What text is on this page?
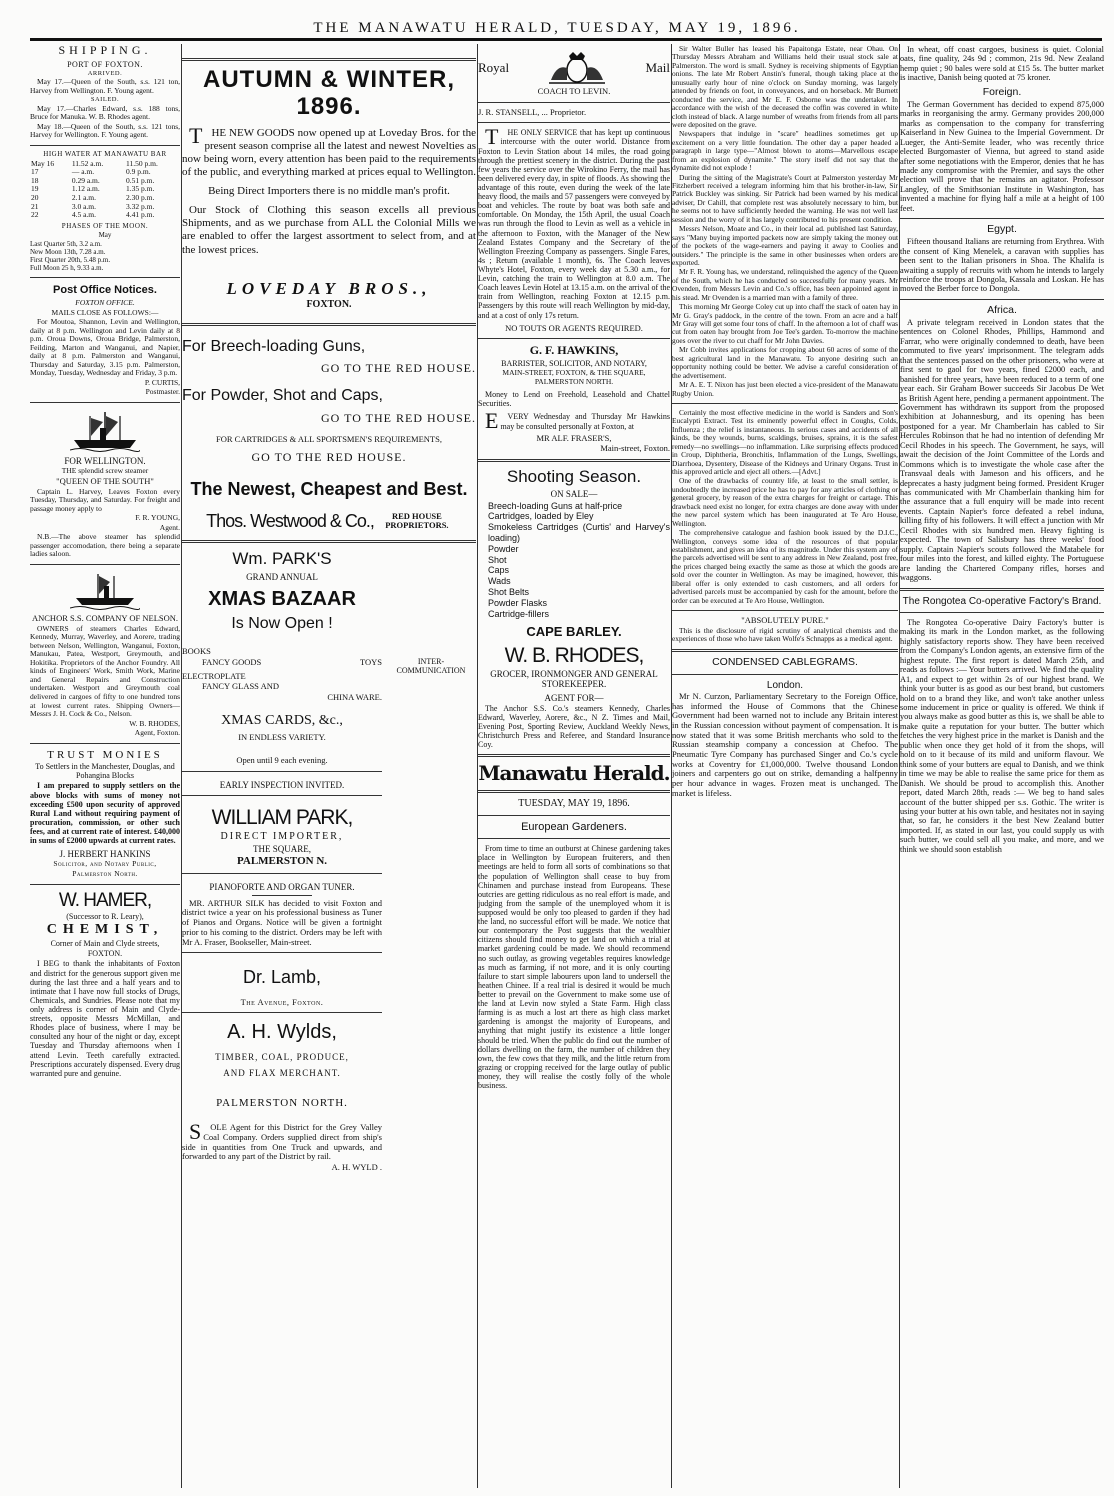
THE MANAWATU HERALD, TUESDAY, MAY 19, 1896.
SHIPPING.

PORT OF FOXTON.

ARRIVED.

May 17.—Queen of the South, s.s. 121 ton, Harvey from Wellington. F. Young agent.

SAILED.

May 17.—Charles Edward, s.s. 188 tons, Bruce for Manuka. W. B. Rhodes agent.

May 18.—Queen of the South, s.s. 121 tons, Harvey for Wellington. F. Young agent.

HIGH WATER AT MANAWATU BAR

May 16	11.52 a.m.	11.50 p.m.
17	— a.m.	0.9 p.m.
18	0.29 a.m.	0.51 p.m.
19	1.12 a.m.	1.35 p.m.
20	2.1 a.m.	2.30 p.m.
21	3.0 a.m.	3.32 p.m.
22	4.5 a.m.	4.41 p.m.

PHASES OF THE MOON.

May

Last Quarter 5th, 3.2 a.m.
New Moon 13th, 7.28 a.m.
First Quarter 20th, 5.48 p.m.
Full Moon 25 h, 9.33 a.m.
Post Office Notices.

FOXTON OFFICE.

MAILS CLOSE AS FOLLOWS:—

For Moutoa, Shannon, Levin and Wellington, daily at 8 p.m. Wellington and Levin daily at 8 p.m. Oroua Downs, Oroua Bridge, Palmerston, Feilding, Marton and Wanganui, and Napier, daily at 8 p.m. Palmerston and Wanganui, Thursday and Saturday, 3.15 p.m. Palmerston, Monday, Tuesday, Wednesday and Friday, 3 p.m.

P. CURTIS,

Postmaster.

FOR WELLINGTON.

THE splendid screw steamer

"QUEEN OF THE SOUTH"

Captain L. Harvey, Leaves Foxton every Tuesday, Thursday, and Saturday. For freight and passage money apply to

F. R. YOUNG,

Agent.

N.B.—The above steamer has splendid passenger accomodation, there being a separate ladies saloon.

ANCHOR S.S. COMPANY OF NELSON.

OWNERS of steamers Charles Edward, Kennedy, Murray, Waverley, and Aorere, trading between Nelson, Wellington, Wanganui, Foxton, Manukau, Patea, Westport, Greymouth, and Hokitika. Proprietors of the Anchor Foundry. All kinds of Engineers' Work, Smith Work, Marine and General Repairs and Construction undertaken. Westport and Greymouth coal delivered in cargoes of fifty to one hundred tons at lowest current rates. Shipping Owners— Messrs J. H. Cock & Co., Nelson.

W. B. RHODES,

Agent, Foxton.

TRUST MONIES

To Settlers in the Manchester, Douglas, and Pohangina Blocks

I am prepared to supply settlers on the above blocks with sums of money not exceeding £500 upon security of approved Rural Land without requiring payment of procuration, commission, or other such fees, and at current rate of interest. £40,000 in sums of £2000 upwards at current rates.

J. HERBERT HANKINS

Solicitor, and Notary Public,

Palmerston North.

W. HAMER,

(Successor to R. Leary),

CHEMIST,

Corner of Main and Clyde streets,

FOXTON.

I BEG to thank the inhabitants of Foxton and district for the generous support given me during the last three and a half years and to intimate that I have now full stocks of Drugs, Chemicals, and Sundries. Please note that my only address is corner of Main and Clyde-streets, opposite Messrs McMillan, and Rhodes place of business, where I may be consulted any hour of the night or day, except Tuesday and Thursday afternoons when I attend Levin. Teeth carefully extracted. Prescriptions accurately dispensed. Every drug warranted pure and genuine.

AUTUMN & WINTER, 1896.

THE NEW GOODS now opened up at Loveday Bros. for the present season comprise all the latest and newest Novelties as now being worn, every attention has been paid to the requirements of the public, and everything marked at prices equal to Wellington.

Being Direct Importers there is no middle man's profit.

Our Stock of Clothing this season excells all previous Shipments, and as we purchase from ALL the Colonial Mills we are enabled to offer the largest assortment to select from, and at the lowest prices.

LOVEDAY BROS.,

FOXTON.

For Breech-loading Guns,

GO TO THE RED HOUSE.

For Powder, Shot and Caps,

GO TO THE RED HOUSE.

FOR CARTRIDGES & ALL SPORTSMEN'S REQUIREMENTS,

GO TO THE RED HOUSE.

The Newest, Cheapest and Best.

Thos. Westwood & Co.,	RED HOUSE PROPRIETORS.

Wm. PARK'S

GRAND ANNUAL

XMAS BAZAAR

Is Now Open !

BOOKS

FANCY GOODS	TOYS

ELECTROPLATE

FANCY GLASS AND

CHINA WARE.

XMAS CARDS, &c.,

IN ENDLESS VARIETY.

Open until 9 each evening.

EARLY INSPECTION INVITED.

WILLIAM PARK,

DIRECT IMPORTER,

THE SQUARE,

PALMERSTON N.

PIANOFORTE AND ORGAN TUNER.

MR. ARTHUR SILK has decided to visit Foxton and district twice a year on his professional business as Tuner of Pianos and Organs. Notice will be given a fortnight prior to his coming to the district. Orders may be left with Mr A. Fraser, Bookseller, Main-street.

Dr. Lamb,

The Avenue, Foxton.

A. H. Wylds,

TIMBER, COAL, PRODUCE,

AND FLAX MERCHANT.

PALMERSTON NORTH.

SOLE Agent for this District for the Grey Valley Coal Company. Orders supplied direct from ship's side in quantities from One Truck and upwards, and forwarded to any part of the District by rail.

A. H. WYLD .

INTER-COMMUNICATION

Royal	Mail

COACH TO LEVIN.

J. R. STANSELL, ... Proprietor.

THE ONLY SERVICE that has kept up continuous intercourse with the outer world. Distance from Foxton to Levin Station about 14 miles, the road going through the prettiest scenery in the district. During the past few years the service over the Wirokino Ferry, the mail has been delivered every day, in spite of floods. As showing the advantage of this route, even during the week of the late heavy flood, the mails and 57 passengers were conveyed by boat and vehicles. The route by boat was both safe and comfortable. On Monday, the 15th April, the usual Coach was run through the flood to Levin as well as a vehicle in the afternoon to Foxton, with the Manager of the New Zealand Estates Company and the Secretary of the Wellington Freezing Company as passengers. Single Fares, 4s ; Return (available 1 month), 6s. The Coach leaves Whyte's Hotel, Foxton, every week day at 5.30 a.m., for Levin, catching the train to Wellington at 8.0 a.m. The Coach leaves Levin Hotel at 13.15 a.m. on the arrival of the train from Wellington, reaching Foxton at 12.15 p.m. Passengers by this route will reach Wellington by mid-day, and at a cost of only 17s return.

NO TOUTS OR AGENTS REQUIRED.

G. F. HAWKINS,

BARRISTER, SOLICITOR, AND NOTARY,

MAIN-STREET, FOXTON, & THE SQUARE, PALMERSTON NORTH.

Money to Lend on Freehold, Leasehold and Chattel Securities.

EVERY Wednesday and Thursday Mr Hawkins may be consulted personally at Foxton, at

MR ALF. FRASER'S,

Main-street, Foxton.

Shooting Season.

ON SALE—

Breech-loading Guns at half-price
Cartridges, loaded by Eley
Smokeless Cartridges (Curtis' and Harvey's loading)
Powder
Shot
Caps
Wads
Shot Belts
Powder Flasks
Cartridge-fillers

CAPE BARLEY.

W. B. RHODES,

GROCER, IRONMONGER AND GENERAL STOREKEEPER.

AGENT FOR—

The Anchor S.S. Co.'s steamers Kennedy, Charles Edward, Waverley, Aorere, &c., N Z. Times and Mail, Evening Post, Sporting Review, Auckland Weekly News, Christchurch Press and Referee, and Standard Insurance Coy.

Manawatu Herald.

TUESDAY, MAY 19, 1896.

European Gardeners.

From time to time an outburst at Chinese gardening takes place in Wellington by European fruiterers, and then meetings are held to form all sorts of combinations so that the population of Wellington shall cease to buy from Chinamen and purchase instead from Europeans. These outcries are getting ridiculous as no real effort is made, and judging from the sample of the unemployed whom it is supposed would be only too pleased to garden if they had the land, no successful effort will be made. We notice that our contemporary the Post suggests that the wealthier citizens should find money to get land on which a trial at market gardening could be made. We should recommend no such outlay, as growing vegetables requires knowledge as much as farming, if not more, and it is only courting failure to start simple labourers upon land to undersell the heathen Chinee. If a real trial is desired it would be much better to prevail on the Government to make some use of the land at Levin now styled a State Farm. High class farming is as much a lost art there as high class market gardening is amongst the majority of Europeans, and anything that might justify its existence a little longer should be tried. When the public do find out the number of dollars dwelling on the farm, the number of children they own, the few cows that they milk, and the little return from grazing or cropping received for the large outlay of public money, they will realise the costly folly of the whole business.

Sir Walter Buller has leased his Papaitonga Estate, near Ohau. On Thursday Messrs Abraham and Williams held their usual stock sale at Palmerston. The word is small. Sydney is receiving shipments of Egyptian onions. The late Mr Robert Anstin's funeral, though taking place at the unusually early hour of nine o'clock on Sunday morning, was largely attended by friends on foot, in conveyances, and on horseback. Mr Burnett conducted the service, and Mr E. F. Osborne was the undertaker. In accordance with the wish of the deceased the coffin was covered in white cloth instead of black. A large number of wreaths from friends from all parts were deposited on the grave.

Newspapers that indulge in "scare" headlines sometimes get up excitement on a very little foundation. The other day a paper headed a paragraph in large type—"Almost blown to atoms—Marvellous escape from an explosion of dynamite." The story itself did not say that the dynamite did not explode !

During the sitting of the Magistrate's Court at Palmerston yesterday Mr Fitzherbert received a telegram informing him that his brother-in-law, Sir Patrick Buckley was sinking. Sir Patrick had been warned by his medical adviser, Dr Cahill, that complete rest was absolutely necessary to him, but he seems not to have sufficiently heeded the warning. He was not well last session and the worry of it has largely contributed to his present condition.

Messrs Nelson, Moate and Co., in their local ad. published last Saturday, says "Many buying imported packets now are simply taking the money out of the pockets of the wage-earners and paying it away to Coolies and outsiders." The principle is the same in other businesses when orders are exported.

Mr F. R. Young has, we understand, relinquished the agency of the Queen of the South, which he has conducted so successfully for many years. Mr Ovenden, from Messrs Levin and Co.'s office, has been appointed agent in his stead. Mr Ovenden is a married man with a family of three.

This morning Mr George Coley cut up into chaff the stack of oaten hay in Mr G. Gray's paddock, in the centre of the town. From an acre and a half Mr Gray will get some four tons of chaff. In the afternoon a lot of chaff was cut from oaten hay brought from Joe Tee's garden. To-morrow the machine goes over the river to cut chaff for Mr John Davies.

Mr Cobb invites applications for cropping about 60 acres of some of the best agricultural land in the Manawatu. To anyone desiring such an opportunity nothing could be better. We advise a careful consideration of the advertisement.

Mr A. E. T. Nixon has just been elected a vice-president of the Manawatu Rugby Union.

Certainly the most effective medicine in the world is Sanders and Son's Eucalypti Extract. Test its eminently powerful effect in Coughs, Colds, Influenza ; the relief is instantaneous. In serious cases and accidents of all kinds, be they wounds, burns, scaldings, bruises, sprains, it is the safest remedy—no swellings—no inflammation. Like surprising effects produced in Croup, Diphtheria, Bronchitis, Inflammation of the Lungs, Swellings, Diarrhoea, Dysentery, Disease of the Kidneys and Urinary Organs. Trust in this approved article and eject all others.—[Advt.]

One of the drawbacks of country life, at least to the small settler, is undoubtedly the increased price he has to pay for any articles of clothing or general grocery, by reason of the extra charges for freight or cartage. This drawback need exist no longer, for extra charges are done away with under the new parcel system which has been inaugurated at Te Aro House, Wellington.

The comprehensive catalogue and fashion book issued by the D.I.C., Wellington, conveys some idea of the resources of that popular establishment, and gives an idea of its magnitude. Under this system any of the parcels advertised will be sent to any address in New Zealand, post free, the prices charged being exactly the same as those at which the goods are sold over the counter in Wellington. As may be imagined, however, this liberal offer is only extended to cash customers, and all orders for advertised parcels must be accompanied by cash for the amount, before the order can be executed at Te Aro House, Wellington.

"ABSOLUTELY PURE."

This is the disclosure of rigid scrutiny of analytical chemists and the experiences of those who have taken Wolfe's Schnapps as a medical agent.

CONDENSED CABLEGRAMS.

London.

Mr N. Curzon, Parliamentary Secretary to the Foreign Office, has informed the House of Commons that the Chinese Government had been warned not to include any Britain interest in the Russian concession without payment of compensation. It is now stated that it was some British merchants who sold to the Russian steamship company a concession at Chefoo. The Pneumatic Tyre Company has purchased Singer and Co.'s cycle works at Coventry for £1,000,000. Twelve thousand London joiners and carpenters go out on strike, demanding a halfpenny per hour advance in wages. Frozen meat is unchanged. The market is lifeless.

In wheat, off coast cargoes, business is quiet. Colonial oats, fine quality, 24s 9d ; common, 21s 9d. New Zealand hemp quiet ; 90 bales were sold at £15 5s. The butter market is inactive, Danish being quoted at 75 kroner.

Foreign.

The German Government has decided to expend 875,000 marks in reorganising the army. Germany provides 200,000 marks as compensation to the company for transferring Kaiserland in New Guinea to the Imperial Government. Dr Lueger, the Anti-Semite leader, who was recently thrice elected Burgomaster of Vienna, but agreed to stand aside after some negotiations with the Emperor, denies that he has made any compromise with the Premier, and says the other election will prove that he remains an agitator. Professor Langley, of the Smithsonian Institute in Washington, has invented a machine for flying half a mile at a height of 100 feet.

Egypt.

Fifteen thousand Italians are returning from Erythrea. With the consent of King Menelek, a caravan with supplies has been sent to the Italian prisoners in Shoa. The Khalifa is awaiting a supply of recruits with whom he intends to largely reinforce the troops at Dongola, Kassala and Loskan. He has moved the Berber force to Dongola.

Africa.

A private telegram received in London states that the sentences on Colonel Rhodes, Phillips, Hammond and Farrar, who were originally condemned to death, have been commuted to five years' imprisonment. The telegram adds that the sentences passed on the other prisoners, who were at first sent to gaol for two years, fined £2000 each, and banished for three years, have been reduced to a term of one year each. Sir Graham Bower succeeds Sir Jacobus De Wet as British Agent here, pending a permanent appointment. The Government has withdrawn its support from the proposed exhibition at Johannesburg, and its opening has been postponed for a year. Mr Chamberlain has cabled to Sir Hercules Robinson that he had no intention of defending Mr Cecil Rhodes in his speech. The Government, he says, will await the decision of the Joint Committee of the Lords and Commons which is to investigate the whole case after the Transvaal deals with Jameson and his officers, and he deprecates a hasty judgment being formed. President Kruger has communicated with Mr Chamberlain thanking him for the assurance that a full enquiry will be made into recent events. Captain Napier's force defeated a rebel induna, killing fifty of his followers. It will effect a junction with Mr Cecil Rhodes with six hundred men. Heavy fighting is expected. The town of Salisbury has three weeks' food supply. Captain Napier's scouts followed the Matabele for four miles into the forest, and killed eighty. The Portuguese are landing the Chartered Company rifles, horses and waggons.

The Rongotea Co-operative Factory's Brand.

The Rongotea Co-operative Dairy Factory's butter is making its mark in the London market, as the following highly satisfactory reports show. They have been received from the Company's London agents, an extensive firm of the highest repute. The first report is dated March 25th, and reads as follows :— Your butters arrived. We find the quality A1, and expect to get within 2s of our highest brand. We think your butter is as good as our best brand, but customers hold on to a brand they like, and won't take another unless some inducement in price or quality is offered. We think if you always make as good butter as this is, we shall be able to make quite a reputation for your butter. The butter which fetches the very highest price in the market is Danish and the public when once they get hold of it from the shops, will hold on to it because of its mild and uniform flavour. We think some of your butters are equal to Danish, and we think in time we may be able to realise the same price for them as Danish. We should be proud to accomplish this. Another report, dated March 28th, reads :— We beg to hand sales account of the butter shipped per s.s. Gothic. The writer is using your butter at his own table, and hesitates not in saying that, so far, he considers it the best New Zealand butter imported. If, as stated in our last, you could supply us with such butter, we could sell all you make, and more, and we think we should soon establish
